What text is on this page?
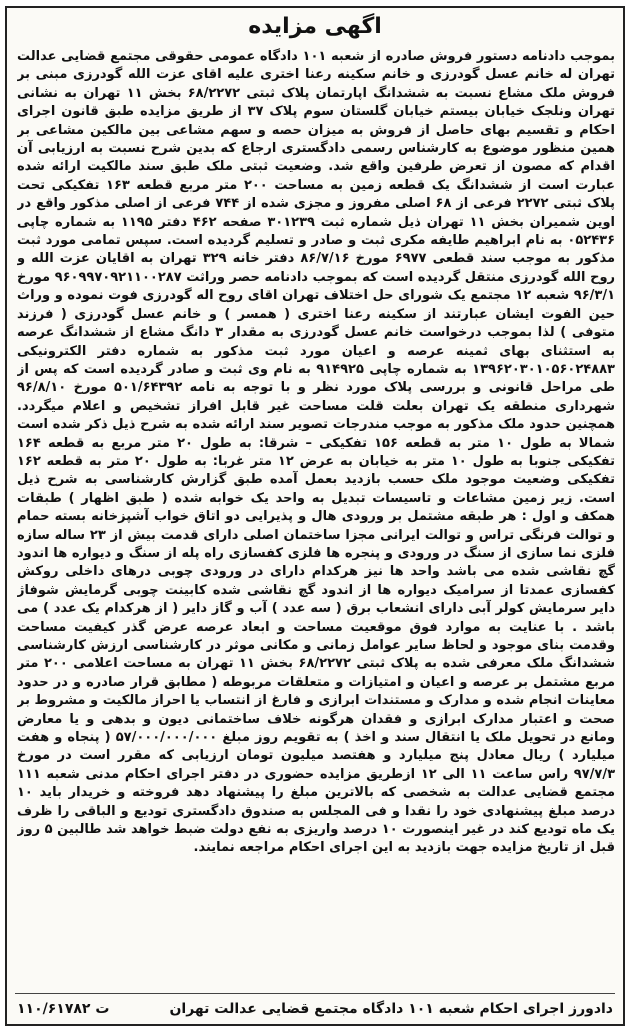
اگهی مزایده
بموجب دادنامه دستور فروش صادره از شعبه ۱۰۱ دادگاه عمومی حقوقی مجتمع قضایی عدالت تهران له خانم عسل گودرزی و خانم سکینه رعنا اختری علیه اقای عزت الله گودرزی مبنی بر فروش ملک مشاع نسبت به ششدانگ اپارتمان پلاک ثبتی ۶۸/۲۲۷۲ بخش ۱۱ تهران به نشانی تهران ونلجک خیابان بیستم خیابان گلستان سوم پلاک ۳۷ از طریق مزایده طبق قانون اجرای احکام و تقسیم بهای حاصل از فروش به میزان حصه و سهم مشاعی بین مالکین مشاعی بر همین منظور موضوع به کارشناس رسمی دادگستری ارجاع که بدین شرح نسبت به ارزیابی آن اقدام که مصون از تعرض طرفین واقع شد. وضعیت ثبتی ملک طبق سند مالکیت ارائه شده عبارت است از ششدانگ یک قطعه زمین به مساحت ۲۰۰ متر مربع قطعه ۱۶۳ تفکیکی تحت پلاک ثبتی ۲۲۷۲ فرعی از ۶۸ اصلی مفروز و مجزی شده از ۷۴۴ فرعی از اصلی مذکور واقع در اوین شمیران بخش ۱۱ تهران ذیل شماره ثبت ۳۰۱۲۳۹ صفحه ۴۶۲ دفتر ۱۱۹۵ به شماره چاپی ۰۵۲۴۳۶ به نام ابراهیم طایفه مکری ثبت و صادر و تسلیم گردیده است. سپس تمامی مورد ثبت مذکور به موجب سند قطعی ۶۹۷۷ مورخ ۸۶/۷/۱۶ دفتر خانه ۳۲۹ تهران به اقایان عزت الله و روح الله گودرزی منتقل گردیده است که بموجب دادنامه حصر وراثت ۹۶۰۹۹۷۰۹۲۱۱۰۰۲۸۷ مورخ ۹۶/۳/۱ شعبه ۱۲ مجتمع یک شورای حل اختلاف تهران اقای روح اله گودرزی فوت نموده و وراث حین الفوت ایشان عبارتند از سکینه رعنا اختری ( همسر ) و خانم عسل گودرزی ( فرزند متوفی ) لذا بموجب درخواست خانم عسل گودرزی به مقدار ۳ دانگ مشاع از ششدانگ عرصه به استثنای بهای ثمینه عرصه و اعیان مورد ثبت مذکور به شماره دفتر الکترونیکی ۱۳۹۶۲۰۳۰۱۰۵۶۰۲۴۸۸۳ به شماره چاپی ۹۱۴۹۲۵ به نام وی ثبت و صادر گردیده است که پس از طی مراحل قانونی و بررسی پلاک مورد نظر و با توجه به نامه ۵۰۱/۶۴۳۹۲ مورخ ۹۶/۸/۱۰ شهرداری منطقه یک تهران بعلت قلت مساحت غیر قابل افراز تشخیص و اعلام میگردد. همچنین حدود ملک مذکور به موجب مندرجات تصویر سند ارائه شده به شرح ذیل ذکر شده است شمالا به طول ۱۰ متر به قطعه ۱۵۶ تفکیکی – شرقا: به طول ۲۰ متر مربع به قطعه ۱۶۴ تفکیکی جنوبا به طول ۱۰ متر به خیابان به عرض ۱۲ متر غربا: به طول ۲۰ متر به قطعه ۱۶۲ تفکیکی وضعیت موجود ملک حسب بازدید بعمل آمده طبق گزارش کارشناسی به شرح ذیل است. زیر زمین مشاعات و تاسیسات تبدیل به واحد یک خوابه شده ( طبق اظهار ) طبقات همکف و اول : هر طبقه مشتمل بر ورودی هال و پذیرایی دو اتاق خواب آشپزخانه بسته حمام و توالت فرنگی تراس و توالت ایرانی مجزا ساختمان اصلی دارای قدمت بیش از ۲۳ ساله سازه فلزی نما سازی از سنگ در ورودی و پنجره ها فلزی کفسازی راه پله از سنگ و دیواره ها اندود گچ نقاشی شده می باشد واحد ها نیز هرکدام دارای در ورودی چوبی درهای داخلی روکش کفسازی عمدتا از سرامیک دیواره ها از اندود گچ نقاشی شده کابینت چوبی گرمایش شوفاژ دایر سرمایش کولر آبی دارای انشعاب برق ( سه عدد ) آب و گاز دایر ( از هرکدام یک عدد ) می باشد . با عنایت به موارد فوق موقعیت مساحت و ابعاد عرصه عرض گذر کیفیت مساحت وقدمت بنای موجود و لحاظ سایر عوامل زمانی و مکانی موثر در کارشناسی ارزش کارشناسی ششدانگ ملک معرفی شده به پلاک ثبتی ۶۸/۲۲۷۲ بخش ۱۱ تهران به مساحت اعلامی ۲۰۰ متر مربع مشتمل بر عرصه و اعیان و امتیازات و متعلقات مربوطه ( مطابق قرار صادره و در حدود معاینات انجام شده و مدارک و مستندات ابرازی و فارغ از انتساب یا احراز مالکیت و مشروط بر صحت و اعتبار مدارک ابرازی و فقدان هرگونه خلاف ساختمانی دیون و بدهی و یا معارض ومانع در تحویل ملک یا انتقال سند و اخذ ) به تقویم روز مبلغ ۵۷/۰۰۰/۰۰۰/۰۰۰ ( پنجاه و هفت میلیارد ) ریال معادل پنج میلیارد و هفتصد میلیون تومان ارزیابی که مقرر است در مورخ ۹۷/۷/۳ راس ساعت ۱۱ الی ۱۲ ازطریق مزایده حضوری در دفتر اجرای احکام مدنی شعبه ۱۱۱ مجتمع قضایی عدالت به شخصی که بالاترین مبلغ را پیشنهاد دهد فروخته و خریدار باید ۱۰ درصد مبلغ پیشنهادی خود را نقدا و فی المجلس به صندوق دادگستری تودیع و الباقی را ظرف یک ماه تودیع کند در غیر اینصورت ۱۰ درصد واریزی به نفع دولت ضبط خواهد شد طالبین ۵ روز قبل از تاریخ مزایده جهت بازدید به این اجرای احکام مراجعه نمایند.
دادورز اجرای احکام شعبه ۱۰۱ دادگاه مجتمع قضایی عدالت تهران
۱۱۰/۶۱۷۸۲ ت
